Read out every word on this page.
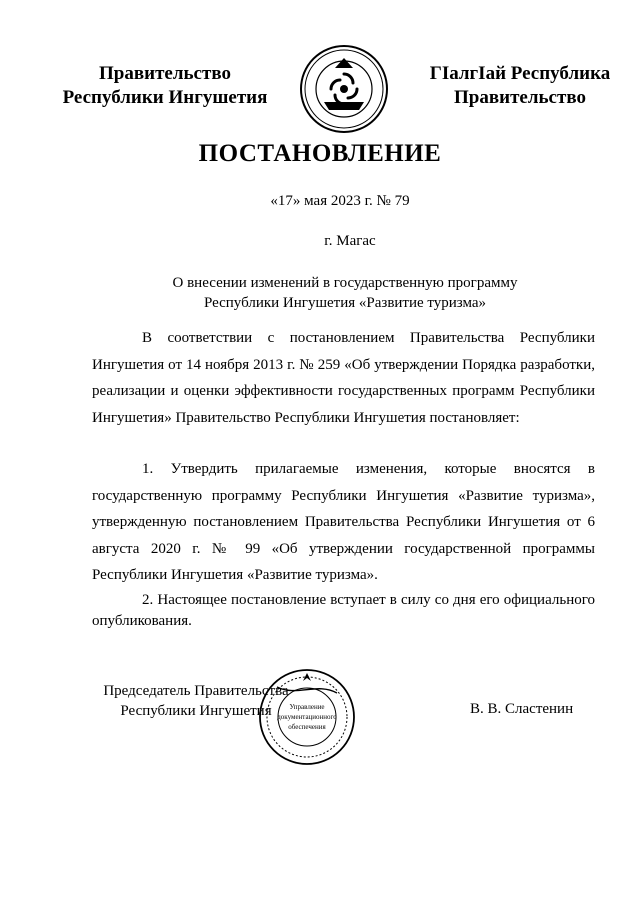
Правительство
Республики Ингушетия
ГIалгIай Республика
Правительство
ПОСТАНОВЛЕНИЕ
«17» мая 2023 г. № 79
г. Магас
О внесении изменений в государственную программу
Республики Ингушетия «Развитие туризма»
В соответствии с постановлением Правительства Республики Ингушетия от 14 ноября 2013 г. № 259 «Об утверждении Порядка разработки, реализации и оценки эффективности государственных программ Республики Ингушетия» Правительство Республики Ингушетия постановляет:
1. Утвердить прилагаемые изменения, которые вносятся в государственную программу Республики Ингушетия «Развитие туризма», утвержденную постановлением Правительства Республики Ингушетия от 6 августа 2020 г. № 99 «Об утверждении государственной программы Республики Ингушетия «Развитие туризма».
2. Настоящее постановление вступает в силу со дня его официального опубликования.
Председатель Правительства
Республики Ингушетия	Управление
документационного
обеспечения
В. В. Сластенин
